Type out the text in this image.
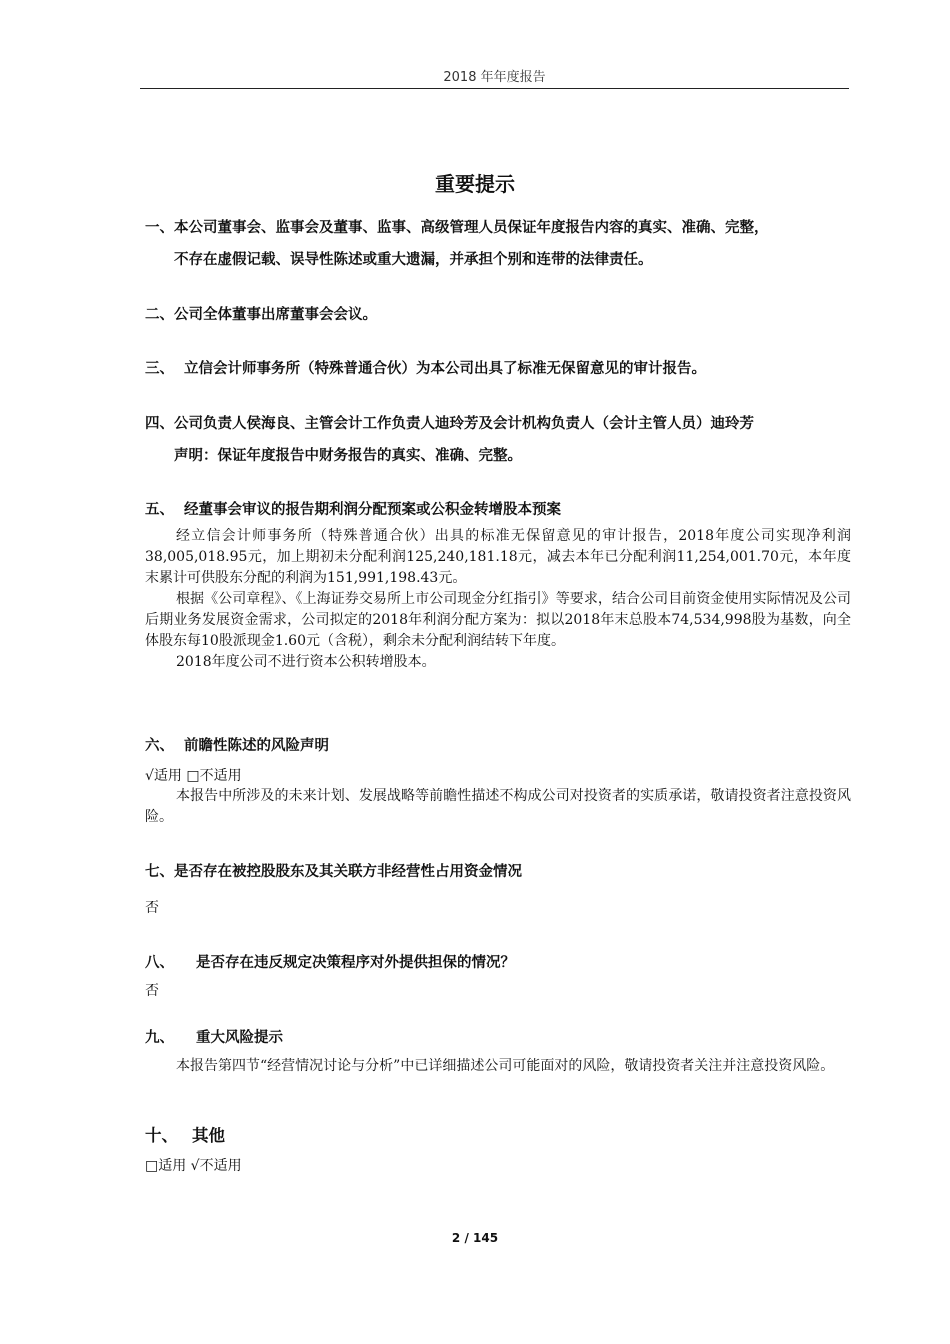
2018 年年度报告
重要提示
一、本公司董事会、监事会及董事、监事、高级管理人员保证年度报告内容的真实、准确、完整，
不存在虚假记载、误导性陈述或重大遗漏，并承担个别和连带的法律责任。
二、公司全体董事出席董事会会议。
三、 立信会计师事务所（特殊普通合伙）为本公司出具了标准无保留意见的审计报告。
四、公司负责人侯海良、主管会计工作负责人迪玲芳及会计机构负责人（会计主管人员）迪玲芳
声明：保证年度报告中财务报告的真实、准确、完整。
五、 经董事会审议的报告期利润分配预案或公积金转增股本预案
经立信会计师事务所（特殊普通合伙）出具的标准无保留意见的审计报告，2018年度公司实现净利润38,005,018.95元，加上期初未分配利润125,240,181.18元，减去本年已分配利润11,254,001.70元，本年度末累计可供股东分配的利润为151,991,198.43元。
根据《公司章程》、《上海证券交易所上市公司现金分红指引》等要求，结合公司目前资金使用实际情况及公司后期业务发展资金需求，公司拟定的2018年利润分配方案为：拟以2018年末总股本74,534,998股为基数，向全体股东每10股派现金1.60元（含税），剩余未分配利润结转下年度。
2018年度公司不进行资本公积转增股本。
六、 前瞻性陈述的风险声明
√适用 □不适用
本报告中所涉及的未来计划、发展战略等前瞻性描述不构成公司对投资者的实质承诺，敬请投资者注意投资风险。
七、是否存在被控股股东及其关联方非经营性占用资金情况
否
八、 是否存在违反规定决策程序对外提供担保的情况？
否
九、 重大风险提示
本报告第四节“经营情况讨论与分析”中已详细描述公司可能面对的风险，敬请投资者关注并注意投资风险。
十、 其他
□适用 √不适用
2 / 145
